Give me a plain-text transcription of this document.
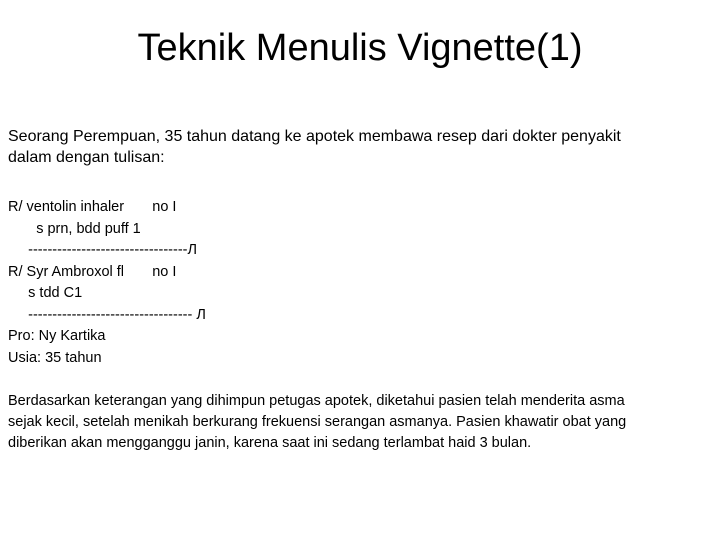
Teknik Menulis Vignette(1)
Seorang Perempuan, 35 tahun datang ke apotek membawa resep dari dokter penyakit
dalam dengan tulisan:
R/ ventolin inhaler       no I
s prn, bdd puff 1
---------------------------------Л
R/ Syr Ambroxol fl       no I
s tdd C1
---------------------------------- Л
Pro: Ny Kartika
Usia: 35 tahun
Berdasarkan keterangan yang dihimpun petugas apotek, diketahui pasien telah menderita asma
sejak kecil, setelah menikah berkurang frekuensi serangan asmanya. Pasien khawatir obat yang
diberikan akan mengganggu janin, karena saat ini sedang terlambat haid 3 bulan.
